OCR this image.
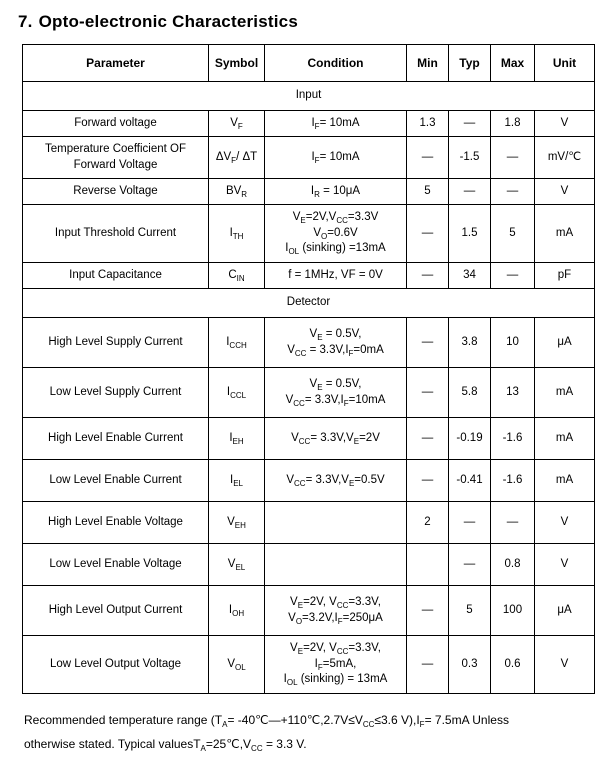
7. Opto-electronic Characteristics
Parameter	Symbol	Condition	Min	Typ	Max	Unit
Input						
Forward voltage	$V_F$	$I_F= 10mA$	1.3	—	1.8	V
Temperature Coefficient OF Forward Voltage	$\Delta V_F/$ ΔT	$I_F= 10mA$	—	-1.5	—	mV/℃
Reverse Voltage	$BV_R$	$I_R = 10\mu A$	5	—	—	V
Input Threshold Current	$I_{TH}$	$V_E=2V,V_{CC}=3.3V$
$V_O=0.6V$
$I_{OL}$ (sinking) =13mA	—	1.5	5	mA
Input Capacitance	$C_{IN}$	f = 1MHz, VF = 0V	—	34	—	pF
Detector						
High Level Supply Current	$I_{CCH}$	$V_E = 0.5V$,
$V_{CC} = 3.3V,I_F=0mA$	—	3.8	10	μA
Low Level Supply Current	$I_{CCL}$	$V_E = 0.5V$,
$V_{CC}= 3.3V,I_F=10mA$	—	5.8	13	mA
High Level Enable Current	$I_{EH}$	$V_{CC}= 3.3V,V_E=2V$	—	-0.19	-1.6	mA
Low Level Enable Current	$I_{EL}$	$V_{CC}= 3.3V,V_E=0.5V$	—	-0.41	-1.6	mA
High Level Enable Voltage	$V_{EH}$		2	—	—	V
Low Level Enable Voltage	$V_{EL}$			—	0.8	V
High Level Output Current	$I_{OH}$	$V_E=2V$, $V_{CC}=3.3V$,
$V_O=3.2V,I_F=250\mu A$	—	5	100	μA
Low Level Output Voltage	$V_{OL}$	$V_E=2V$, $V_{CC}=3.3V$,
$I_F=5mA$,
$I_{OL}$ (sinking) = 13mA	—	0.3	0.6	V

Recommended temperature range ($T_A=$ $-40℃—+110℃,2.7V\le V_{CC}\le 3.6$ $V),I_F= 7.5mA$ Unless

otherwise stated. Typical $valuesT_A=25℃,V_{CC} = 3.3$ V.
